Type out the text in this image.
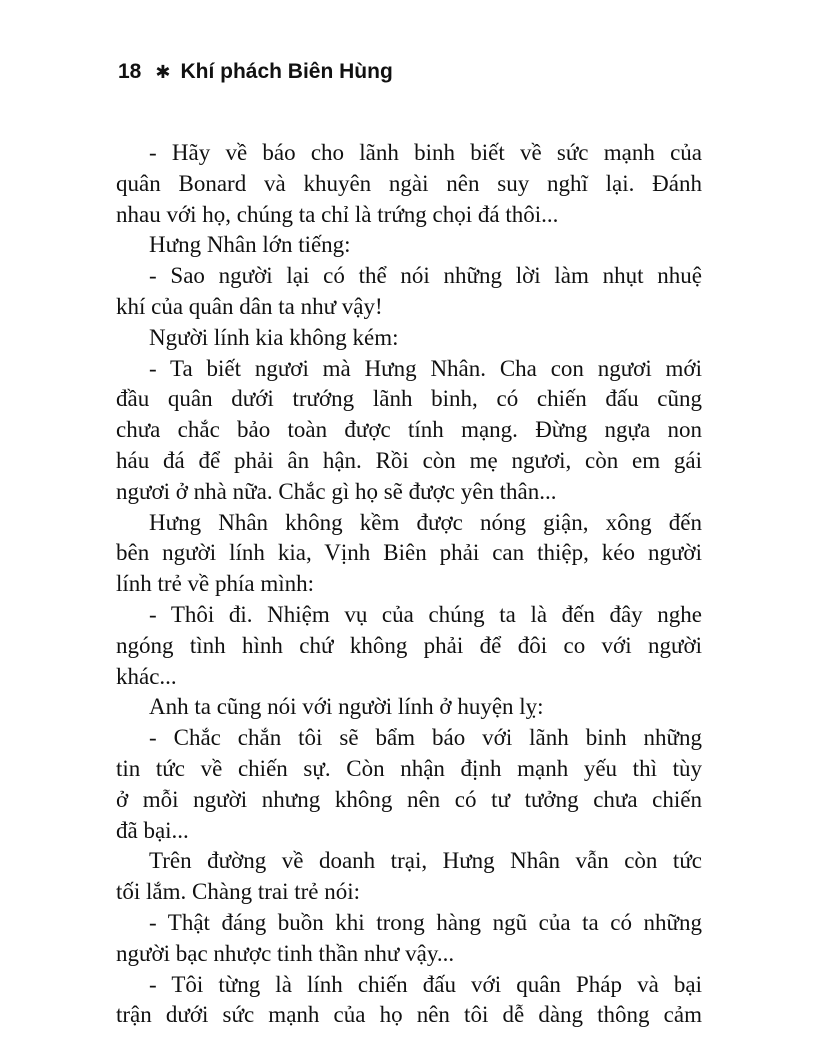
18 ✱ Khí phách Biên Hùng
- Hãy về báo cho lãnh binh biết về sức mạnh của
quân Bonard và khuyên ngài nên suy nghĩ lại. Đánh
nhau với họ, chúng ta chỉ là trứng chọi đá thôi...
Hưng Nhân lớn tiếng:
- Sao người lại có thể nói những lời làm nhụt nhuệ
khí của quân dân ta như vậy!
Người lính kia không kém:
- Ta biết ngươi mà Hưng Nhân. Cha con ngươi mới
đầu quân dưới trướng lãnh binh, có chiến đấu cũng
chưa chắc bảo toàn được tính mạng. Đừng ngựa non
háu đá để phải ân hận. Rồi còn mẹ ngươi, còn em gái
ngươi ở nhà nữa. Chắc gì họ sẽ được yên thân...
Hưng Nhân không kềm được nóng giận, xông đến
bên người lính kia, Vịnh Biên phải can thiệp, kéo người
lính trẻ về phía mình:
- Thôi đi. Nhiệm vụ của chúng ta là đến đây nghe
ngóng tình hình chứ không phải để đôi co với người
khác...
Anh ta cũng nói với người lính ở huyện lỵ:
- Chắc chắn tôi sẽ bẩm báo với lãnh binh những
tin tức về chiến sự. Còn nhận định mạnh yếu thì tùy
ở mỗi người nhưng không nên có tư tưởng chưa chiến
đã bại...
Trên đường về doanh trại, Hưng Nhân vẫn còn tức
tối lắm. Chàng trai trẻ nói:
- Thật đáng buồn khi trong hàng ngũ của ta có những
người bạc nhược tinh thần như vậy...
- Tôi từng là lính chiến đấu với quân Pháp và bại
trận dưới sức mạnh của họ nên tôi dễ dàng thông cảm
